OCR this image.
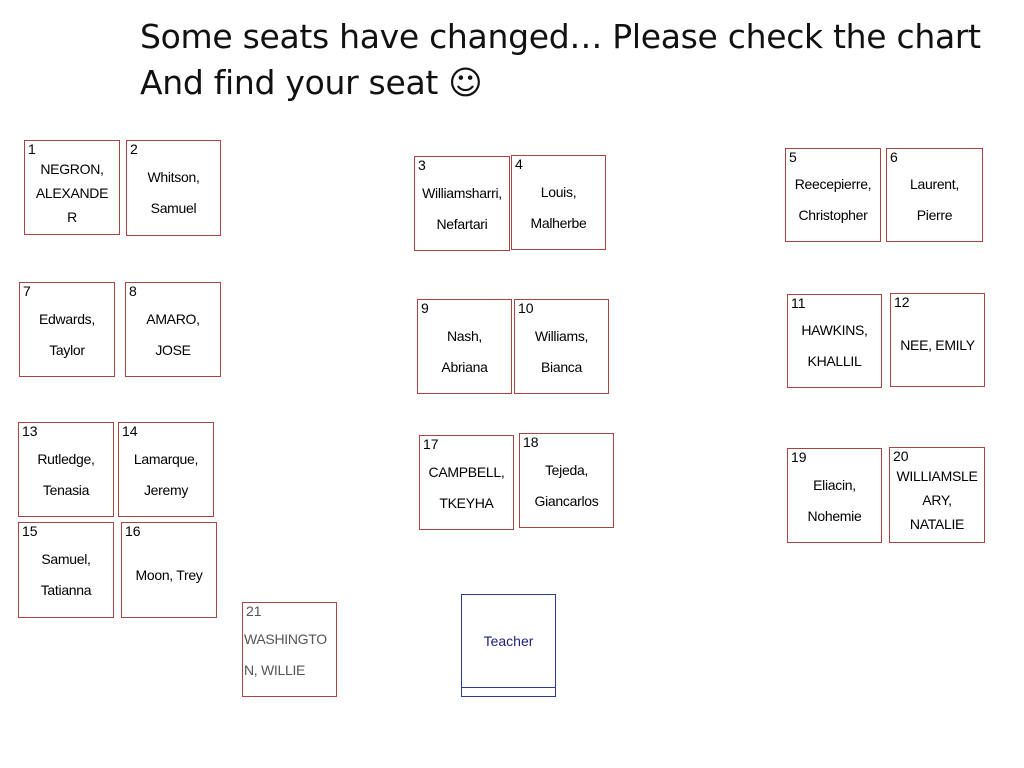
Some seats have changed… Please check the chart
And find your seat ☺
1
NEGRON,
ALEXANDE
R
2
Whitson,
Samuel
3
Williamsharri,
Nefartari
4
Louis,
Malherbe
5
Reecepierre,
Christopher
6
Laurent,
Pierre
7
Edwards,
Taylor
8
AMARO,
JOSE
9
Nash,
Abriana
10
Williams,
Bianca
11
HAWKINS,
KHALLIL
12
NEE, EMILY
13
Rutledge,
Tenasia
14
Lamarque,
Jeremy
15
Samuel,
Tatianna
16
Moon, Trey
17
CAMPBELL,
TKEYHA
18
Tejeda,
Giancarlos
19
Eliacin,
Nohemie
20
WILLIAMSLE
ARY,
NATALIE
21
WASHINGTO
N, WILLIE
Teacher
